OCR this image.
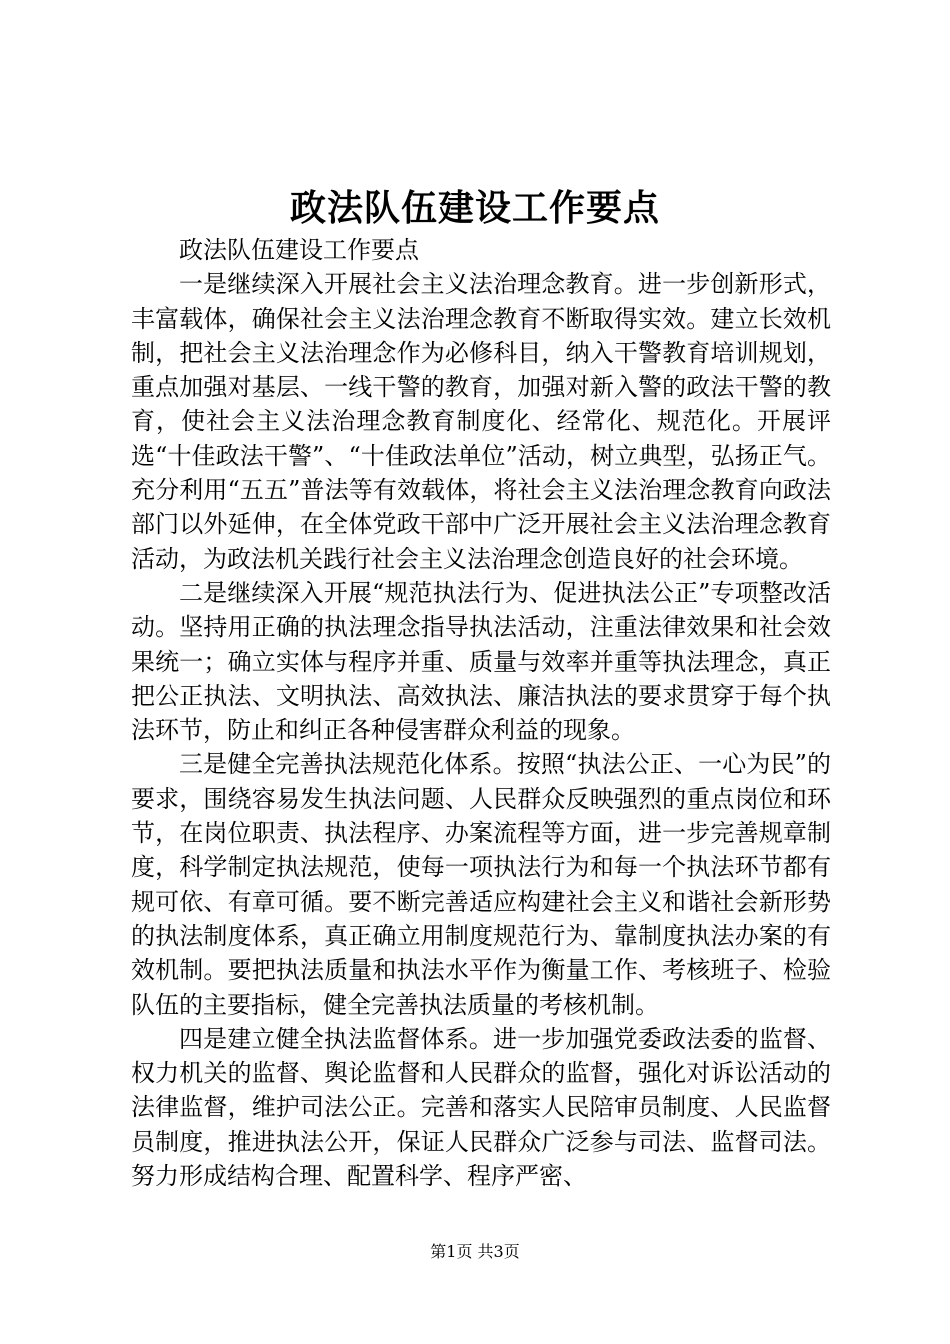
政法队伍建设工作要点

政法队伍建设工作要点

一是继续深入开展社会主义法治理念教育。进一步创新形式，丰富载体，确保社会主义法治理念教育不断取得实效。建立长效机制，把社会主义法治理念作为必修科目，纳入干警教育培训规划，重点加强对基层、一线干警的教育，加强对新入警的政法干警的教育，使社会主义法治理念教育制度化、经常化、规范化。开展评选“十佳政法干警”、“十佳政法单位”活动，树立典型，弘扬正气。充分利用“五五”普法等有效载体，将社会主义法治理念教育向政法部门以外延伸，在全体党政干部中广泛开展社会主义法治理念教育活动，为政法机关践行社会主义法治理念创造良好的社会环境。

二是继续深入开展“规范执法行为、促进执法公正”专项整改活动。坚持用正确的执法理念指导执法活动，注重法律效果和社会效果统一；确立实体与程序并重、质量与效率并重等执法理念，真正把公正执法、文明执法、高效执法、廉洁执法的要求贯穿于每个执法环节，防止和纠正各种侵害群众利益的现象。

三是健全完善执法规范化体系。按照“执法公正、一心为民”的要求，围绕容易发生执法问题、人民群众反映强烈的重点岗位和环节，在岗位职责、执法程序、办案流程等方面，进一步完善规章制度，科学制定执法规范，使每一项执法行为和每一个执法环节都有规可依、有章可循。要不断完善适应构建社会主义和谐社会新形势的执法制度体系，真正确立用制度规范行为、靠制度执法办案的有效机制。要把执法质量和执法水平作为衡量工作、考核班子、检验队伍的主要指标，健全完善执法质量的考核机制。

四是建立健全执法监督体系。进一步加强党委政法委的监督、权力机关的监督、舆论监督和人民群众的监督，强化对诉讼活动的法律监督，维护司法公正。完善和落实人民陪审员制度、人民监督员制度，推进执法公开，保证人民群众广泛参与司法、监督司法。努力形成结构合理、配置科学、程序严密、

第1页 共3页
